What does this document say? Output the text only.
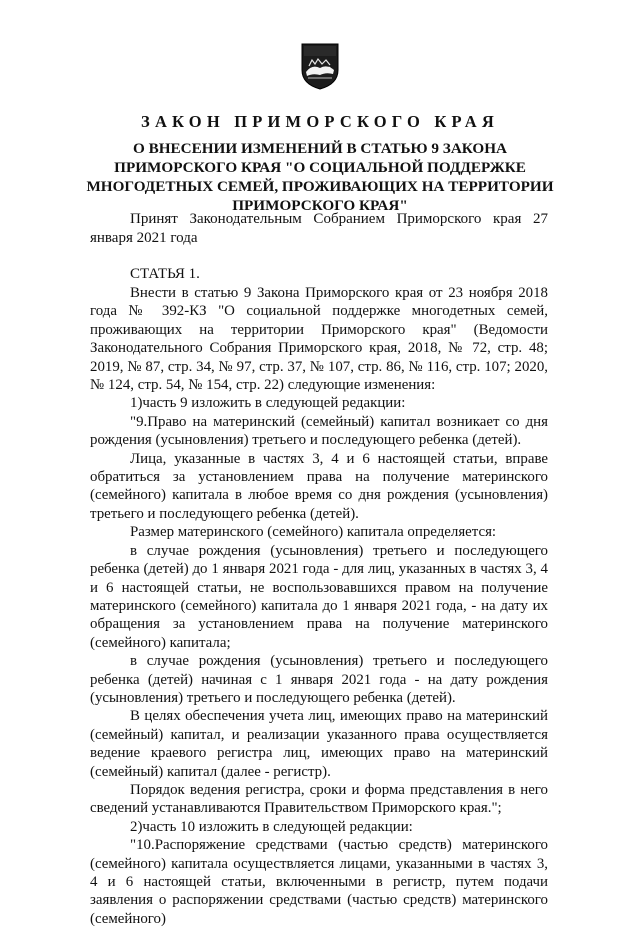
ЗАКОН ПРИМОРСКОГО КРАЯ
О ВНЕСЕНИИ ИЗМЕНЕНИЙ В СТАТЬЮ 9 ЗАКОНА ПРИМОРСКОГО КРАЯ "О СОЦИАЛЬНОЙ ПОДДЕРЖКЕ МНОГОДЕТНЫХ СЕМЕЙ, ПРОЖИВАЮЩИХ НА ТЕРРИТОРИИ ПРИМОРСКОГО КРАЯ"
Принят Законодательным Собранием Приморского края 27 января 2021 года
СТАТЬЯ 1.

Внести в статью 9 Закона Приморского края от 23 ноября 2018 года № 392-КЗ "О социальной поддержке многодетных семей, проживающих на территории Приморского края" (Ведомости Законодательного Собрания Приморского края, 2018, № 72, стр. 48; 2019, № 87, стр. 34, № 97, стр. 37, № 107, стр. 86, № 116, стр. 107; 2020, № 124, стр. 54, № 154, стр. 22) следующие изменения:

1)часть 9 изложить в следующей редакции:

"9.Право на материнский (семейный) капитал возникает со дня рождения (усыновления) третьего и последующего ребенка (детей).

Лица, указанные в частях 3, 4 и 6 настоящей статьи, вправе обратиться за установлением права на получение материнского (семейного) капитала в любое время со дня рождения (усыновления) третьего и последующего ребенка (детей).

Размер материнского (семейного) капитала определяется:

в случае рождения (усыновления) третьего и последующего ребенка (детей) до 1 января 2021 года - для лиц, указанных в частях 3, 4 и 6 настоящей статьи, не воспользовавшихся правом на получение материнского (семейного) капитала до 1 января 2021 года, - на дату их обращения за установлением права на получение материнского (семейного) капитала;

в случае рождения (усыновления) третьего и последующего ребенка (детей) начиная с 1 января 2021 года - на дату рождения (усыновления) третьего и последующего ребенка (детей).

В целях обеспечения учета лиц, имеющих право на материнский (семейный) капитал, и реализации указанного права осуществляется ведение краевого регистра лиц, имеющих право на материнский (семейный) капитал (далее - регистр).

Порядок ведения регистра, сроки и форма представления в него сведений устанавливаются Правительством Приморского края.";

2)часть 10 изложить в следующей редакции:

"10.Распоряжение средствами (частью средств) материнского (семейного) капитала осуществляется лицами, указанными в частях 3, 4 и 6 настоящей статьи, включенными в регистр, путем подачи заявления о распоряжении средствами (частью средств) материнского (семейного)
